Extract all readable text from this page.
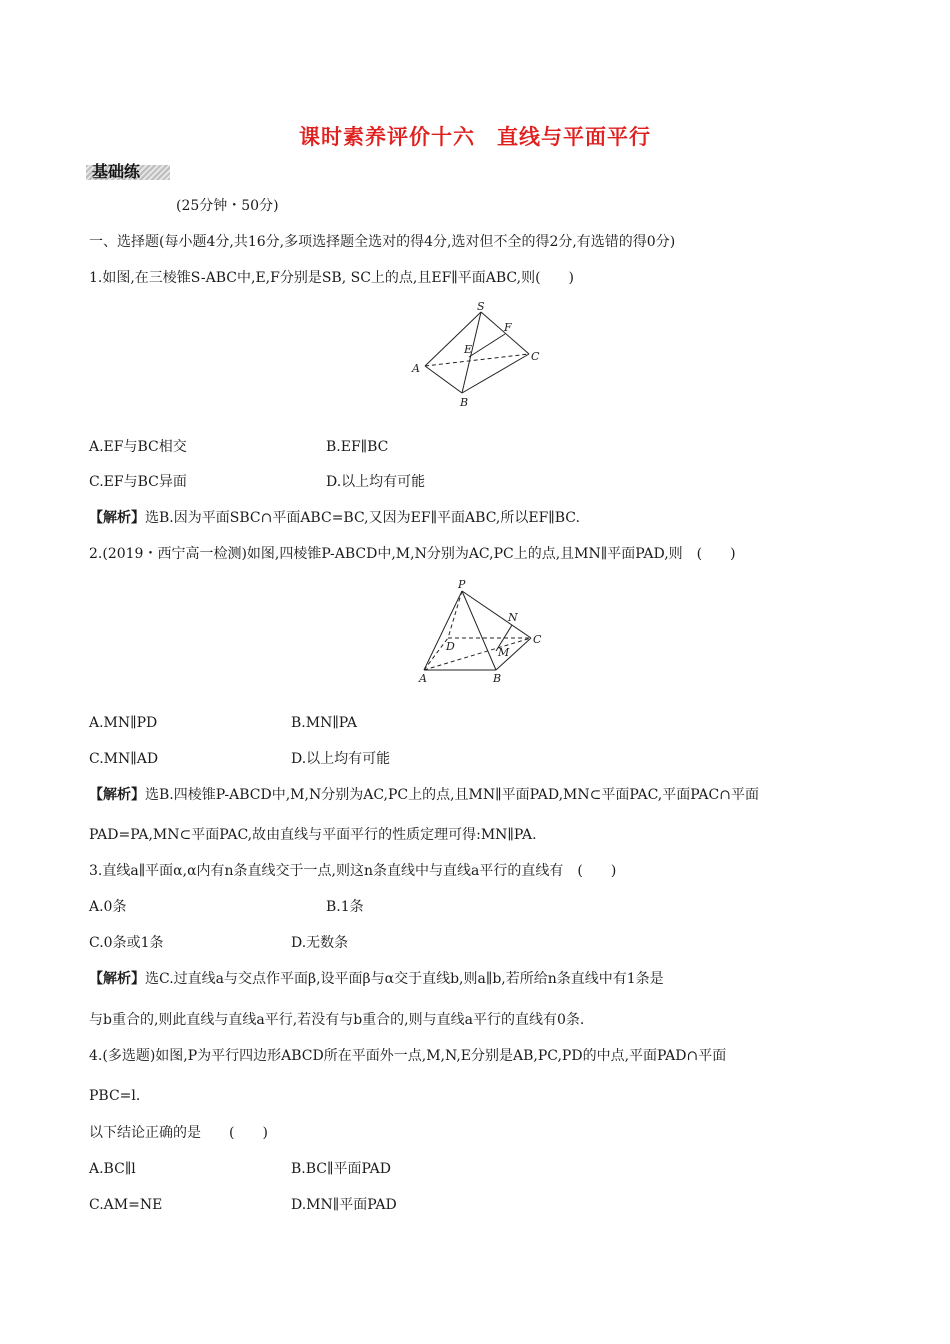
课时素养评价十六　直线与平面平行
基础练
(25分钟・50分)
一、选择题(每小题4分,共16分,多项选择题全选对的得4分,选对但不全的得2分,有选错的得0分)
1.如图,在三棱锥S-ABC中,E,F分别是SB, SC上的点,且EF∥平面ABC,则(　　)
S
F
E
C
A
B
A.EF与BC相交	B.EF∥BC
C.EF与BC异面	D.以上均有可能
【解析】选B.因为平面SBC∩平面ABC=BC,又因为EF∥平面ABC,所以EF∥BC.
2.(2019・西宁高一检测)如图,四棱锥P-ABCD中,M,N分别为AC,PC上的点,且MN∥平面PAD,则　(　　)
P
N
C
D	M
A	B
A.MN∥PD	B.MN∥PA
C.MN∥AD	D.以上均有可能
【解析】选B.四棱锥P-ABCD中,M,N分别为AC,PC上的点,且MN∥平面PAD,MN⊂平面PAC,平面PAC∩平面
PAD=PA,MN⊂平面PAC,故由直线与平面平行的性质定理可得:MN∥PA.
3.直线a∥平面α,α内有n条直线交于一点,则这n条直线中与直线a平行的直线有　(　　)
A.0条	B.1条
C.0条或1条	D.无数条
【解析】选C.过直线a与交点作平面β,设平面β与α交于直线b,则a∥b,若所给n条直线中有1条是
与b重合的,则此直线与直线a平行,若没有与b重合的,则与直线a平行的直线有0条.
4.(多选题)如图,P为平行四边形ABCD所在平面外一点,M,N,E分别是AB,PC,PD的中点,平面PAD∩平面
PBC=l.
以下结论正确的是　　(　　)
A.BC∥l	B.BC∥平面PAD
C.AM=NE	D.MN∥平面PAD
